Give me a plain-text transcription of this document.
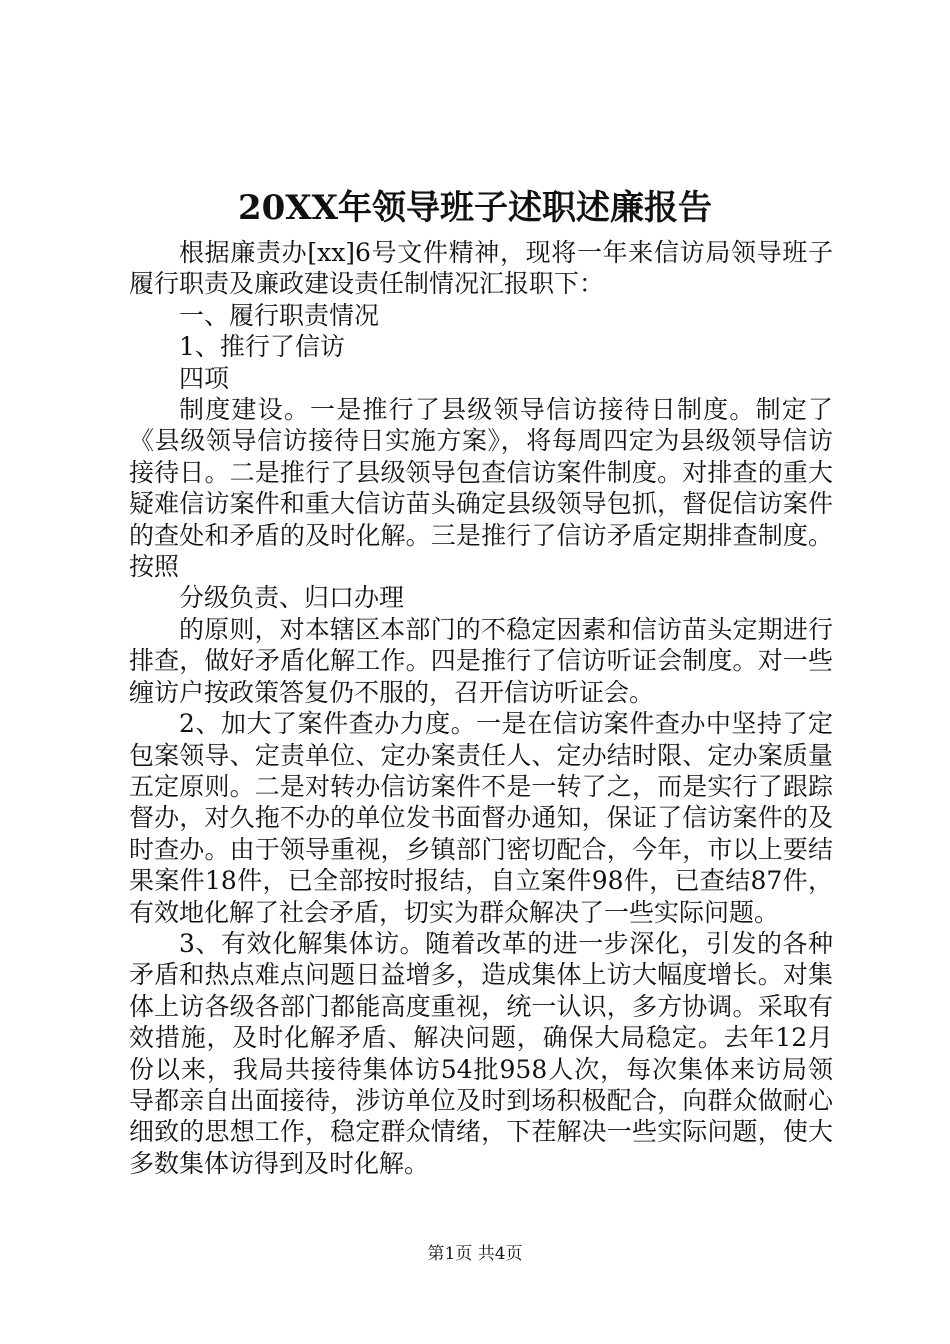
20XX年领导班子述职述廉报告

根据廉责办[xx]6号文件精神，现将一年来信访局领导班子履行职责及廉政建设责任制情况汇报职下：

一、履行职责情况

1、推行了信访

四项

制度建设。一是推行了县级领导信访接待日制度。制定了《县级领导信访接待日实施方案》，将每周四定为县级领导信访接待日。二是推行了县级领导包查信访案件制度。对排查的重大疑难信访案件和重大信访苗头确定县级领导包抓，督促信访案件的查处和矛盾的及时化解。三是推行了信访矛盾定期排查制度。按照

分级负责、归口办理

的原则，对本辖区本部门的不稳定因素和信访苗头定期进行排查，做好矛盾化解工作。四是推行了信访听证会制度。对一些缠访户按政策答复仍不服的，召开信访听证会。

2、加大了案件查办力度。一是在信访案件查办中坚持了定包案领导、定责单位、定办案责任人、定办结时限、定办案质量五定原则。二是对转办信访案件不是一转了之，而是实行了跟踪督办，对久拖不办的单位发书面督办通知，保证了信访案件的及时查办。由于领导重视，乡镇部门密切配合，今年，市以上要结果案件18件，已全部按时报结，自立案件98件，已查结87件，有效地化解了社会矛盾，切实为群众解决了一些实际问题。

3、有效化解集体访。随着改革的进一步深化，引发的各种矛盾和热点难点问题日益增多，造成集体上访大幅度增长。对集体上访各级各部门都能高度重视，统一认识，多方协调。采取有效措施，及时化解矛盾、解决问题，确保大局稳定。去年12月份以来，我局共接待集体访54批958人次，每次集体来访局领导都亲自出面接待，涉访单位及时到场积极配合，向群众做耐心细致的思想工作，稳定群众情绪，下茬解决一些实际问题，使大多数集体访得到及时化解。

第1页 共4页
